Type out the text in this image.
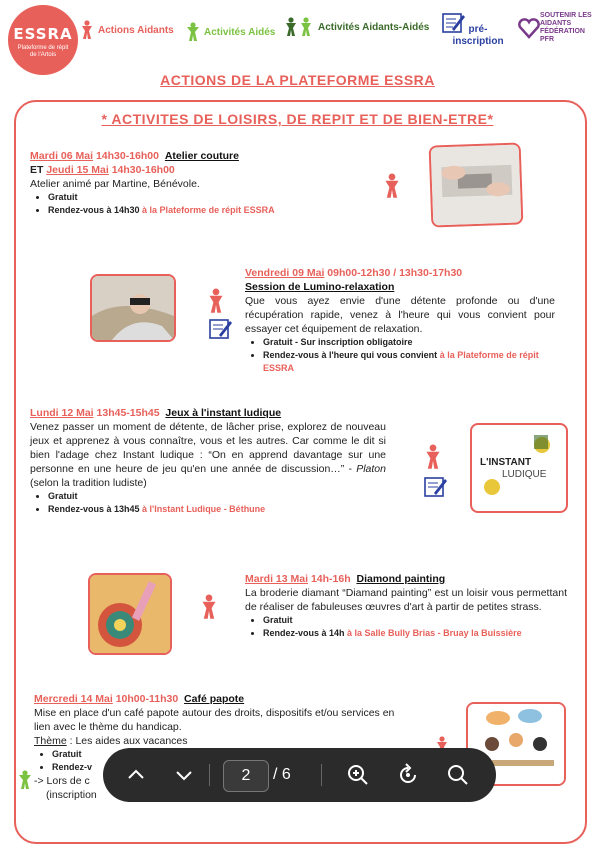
ESSRA
Plateforme de répit de l'Artois
Actions Aidants	Activités Aidés	Activités Aidants-Aidés	pré-inscription
SOUTENIR LES AIDANTS FÉDÉRATION PFR
ACTIONS DE LA PLATEFORME ESSRA
* ACTIVITES DE LOISIRS, DE REPIT ET DE BIEN-ETRE*
Mardi 06 Mai 14h30-16h00 Atelier couture
ET Jeudi 15 Mai 14h30-16h00
Atelier animé par Martine, Bénévole.
• Gratuit
• Rendez-vous à 14h30 à la Plateforme de répit ESSRA
Vendredi 09 Mai 09h00-12h30 / 13h30-17h30
Session de Lumino-relaxation
Que vous ayez envie d'une détente profonde ou d'une récupération rapide, venez à l'heure qui vous convient pour essayer cet équipement de relaxation.
• Gratuit - Sur inscription obligatoire
• Rendez-vous à l'heure qui vous convient à la Plateforme de répit ESSRA
Lundi 12 Mai 13h45-15h45 Jeux à l'instant ludique
Venez passer un moment de détente, de lâcher prise, explorez de nouveau jeux et apprenez à vous connaître, vous et les autres. Car comme le dit si bien l'adage chez Instant ludique : “On en apprend davantage sur une personne en une heure de jeu qu'en une année de discussion…” - Platon (selon la tradition ludiste)
• Gratuit
• Rendez-vous à 13h45 à l'Instant Ludique - Béthune
L'INSTANT
LUDIQUE
Mardi 13 Mai 14h-16h Diamond painting
La broderie diamant “Diamand painting” est un loisir vous permettant de réaliser de fabuleuses œuvres d'art à partir de petites strass.
• Gratuit
• Rendez-vous à 14h à la Salle Bully Brias - Bruay la Buissière
Mercredi 14 Mai 10h00-11h30 Café papote
Mise en place d'un café papote autour des droits, dispositifs et/ou services en lien avec le thème du handicap.
Thème : Les aides aux vacances
• Gratuit
• Rendez-v
-> Lors de c
(inscription
2	/ 6
